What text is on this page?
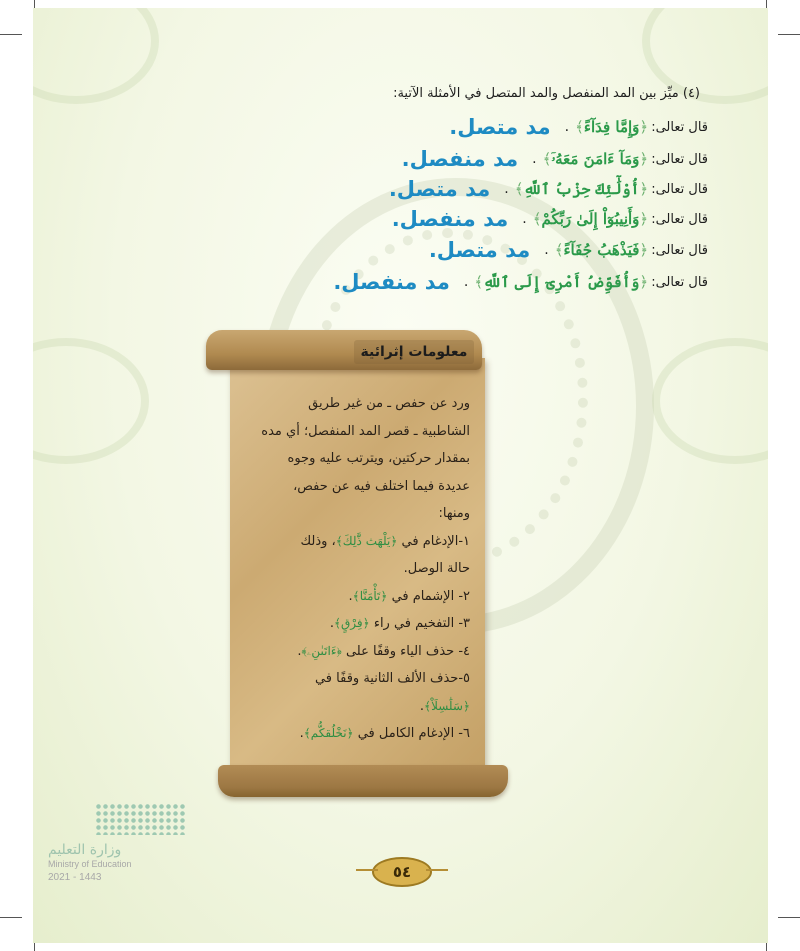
(٤) ميِّز بين المد المنفصل والمد المتصل في الأمثلة الآتية:
قال تعالى:
﴿وَإِمَّا فِدَآءً﴾
.
مد متصل.
قال تعالى:
﴿وَمَآ ءَامَنَ مَعَهُۥٓ﴾
.
مد منفصل.
قال تعالى:
﴿أُوْلَٰٓئِكَ حِزْبُ ٱللَّهِ﴾
.
مد متصل.
قال تعالى:
﴿وَأَنِيبُوٓاْ إِلَىٰ رَبِّكُمْ﴾
.
مد منفصل.
قال تعالى:
﴿فَيَذْهَبُ جُفَآءً﴾
.
مد متصل.
قال تعالى:
﴿وَأُفَوِّضُ أَمْرِىٓ إِلَى ٱللَّهِ﴾
.
مد منفصل.
معلومات إثرائية

ورد عن حفص ـ من غير طريق

الشاطبية ـ قصر المد المنفصل؛ أي مده

بمقدار حركتين، ويترتب عليه وجوه

عديدة فيما اختلف فيه عن حفص،

ومنها:

١-الإدغام في ﴿يَلْهَث ذَّٰلِكَ﴾، وذلك

حالة الوصل.

٢- الإشمام في ﴿تَأْمَنَّا﴾.

٣- التفخيم في راء ﴿فِرْقٍ﴾.

٤- حذف الياء وقفًا على ﴿ءَاتَىٰنِۦ﴾.

٥-حذف الألف الثانية وقفًا في

﴿سَلَٰسِلَاْ﴾.

٦- الإدغام الكامل في ﴿نَخْلُقكُّم﴾.

وزارة التعليم
Ministry of Education
2021 - 1443	٥٤
